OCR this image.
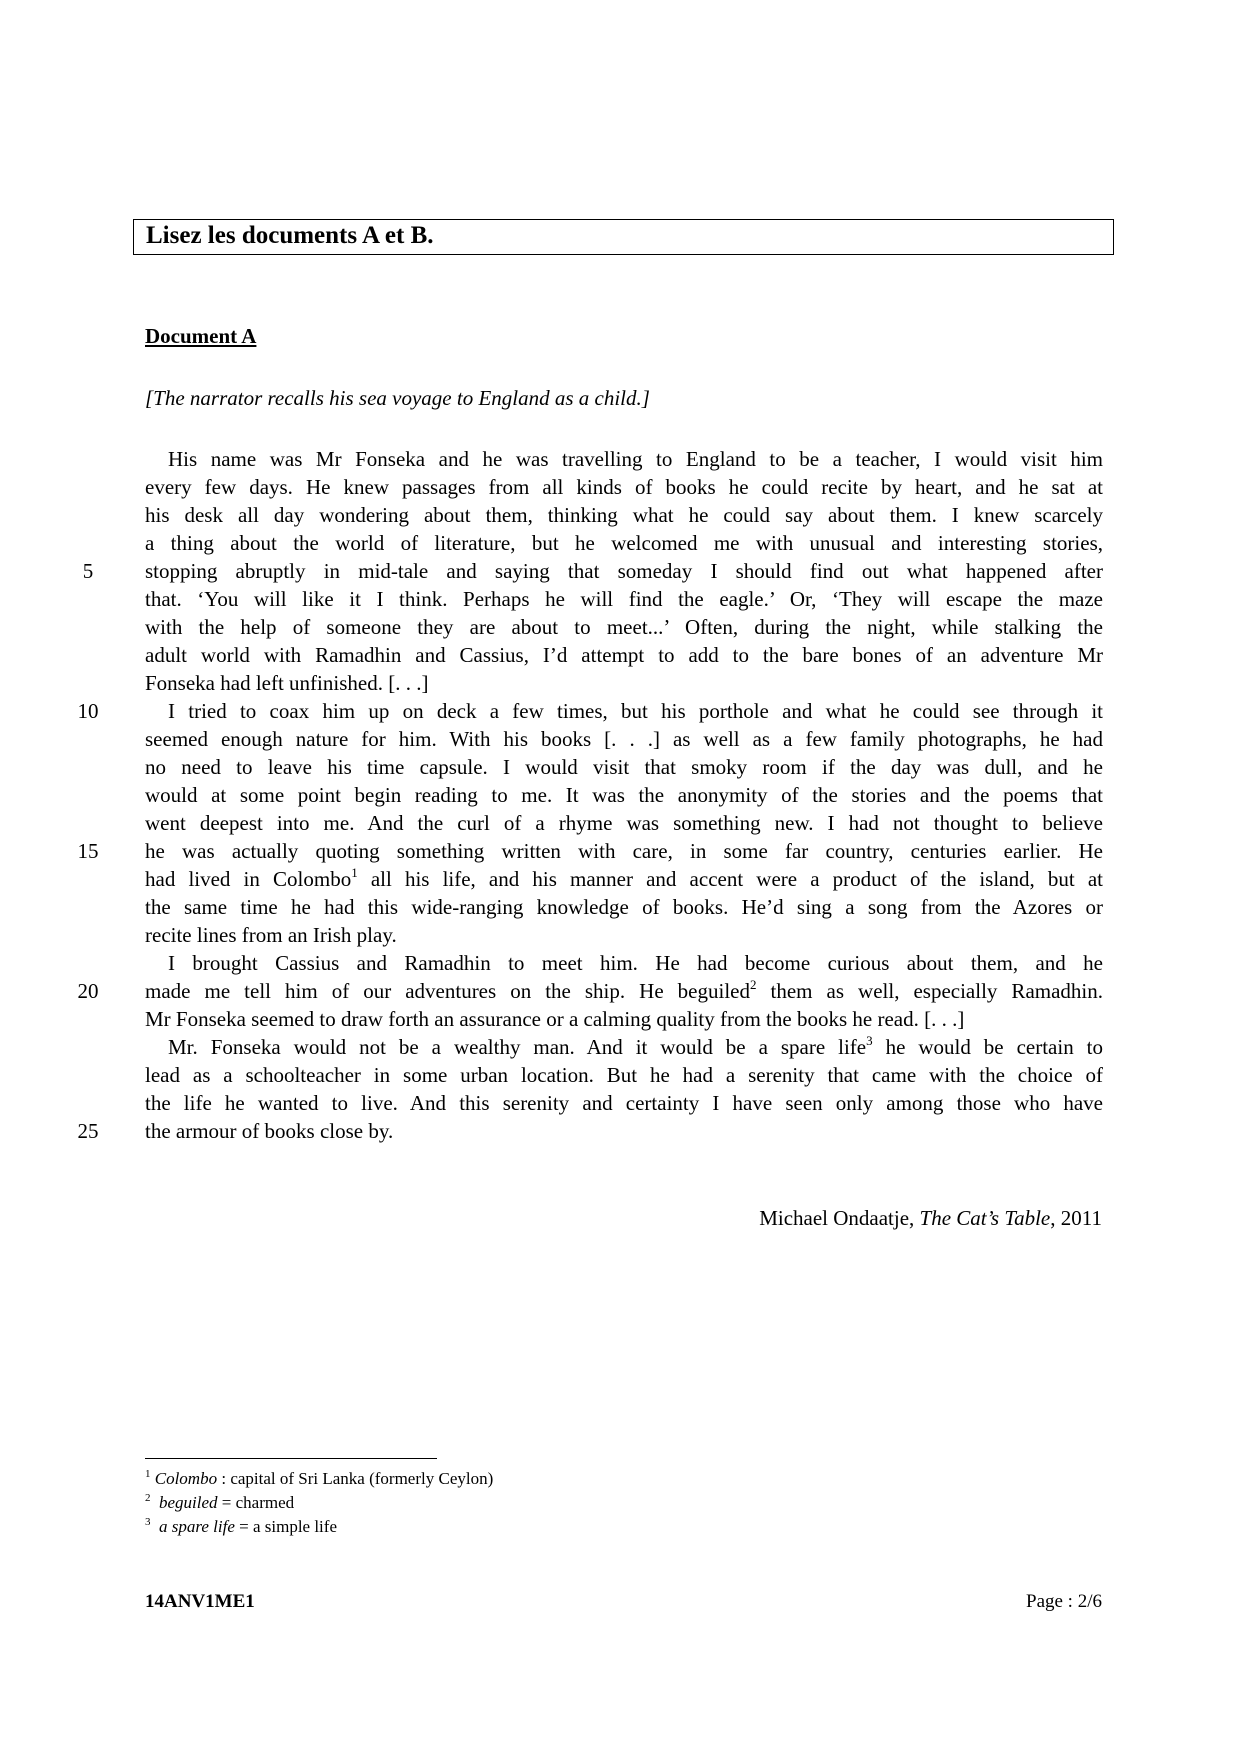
Lisez les documents A et B.
Document A
[The narrator recalls his sea voyage to England as a child.]
His name was Mr Fonseka and he was travelling to England to be a teacher, I would visit him
every few days. He knew passages from all kinds of books he could recite by heart, and he sat at
his desk all day wondering about them, thinking what he could say about them. I knew scarcely
a thing about the world of literature, but he welcomed me with unusual and interesting stories,
stopping abruptly in mid-tale and saying that someday I should find out what happened after
that. ‘You will like it I think. Perhaps he will find the eagle.’ Or, ‘They will escape the maze
with the help of someone they are about to meet...’ Often, during the night, while stalking the
adult world with Ramadhin and Cassius, I’d attempt to add to the bare bones of an adventure Mr
Fonseka had left unfinished. [. . .]
I tried to coax him up on deck a few times, but his porthole and what he could see through it
seemed enough nature for him. With his books [. . .] as well as a few family photographs, he had
no need to leave his time capsule. I would visit that smoky room if the day was dull, and he
would at some point begin reading to me. It was the anonymity of the stories and the poems that
went deepest into me. And the curl of a rhyme was something new. I had not thought to believe
he was actually quoting something written with care, in some far country, centuries earlier. He
had lived in Colombo$^1$ all his life, and his manner and accent were a product of the island, but at
the same time he had this wide-ranging knowledge of books. He’d sing a song from the Azores or
recite lines from an Irish play.
I brought Cassius and Ramadhin to meet him. He had become curious about them, and he
made me tell him of our adventures on the ship. He beguiled$^2$ them as well, especially Ramadhin.
Mr Fonseka seemed to draw forth an assurance or a calming quality from the books he read. [. . .]
Mr. Fonseka would not be a wealthy man. And it would be a spare life$^3$ he would be certain to
lead as a schoolteacher in some urban location. But he had a serenity that came with the choice of
the life he wanted to live. And this serenity and certainty I have seen only among those who have
the armour of books close by.
5
10
15
20
25
Michael Ondaatje, The Cat’s Table, 2011
$^1$ Colombo : capital of Sri Lanka (formerly Ceylon)
$^2$ beguiled = charmed
$^3$ a spare life = a simple life
14ANV1ME1	Page : 2/6
